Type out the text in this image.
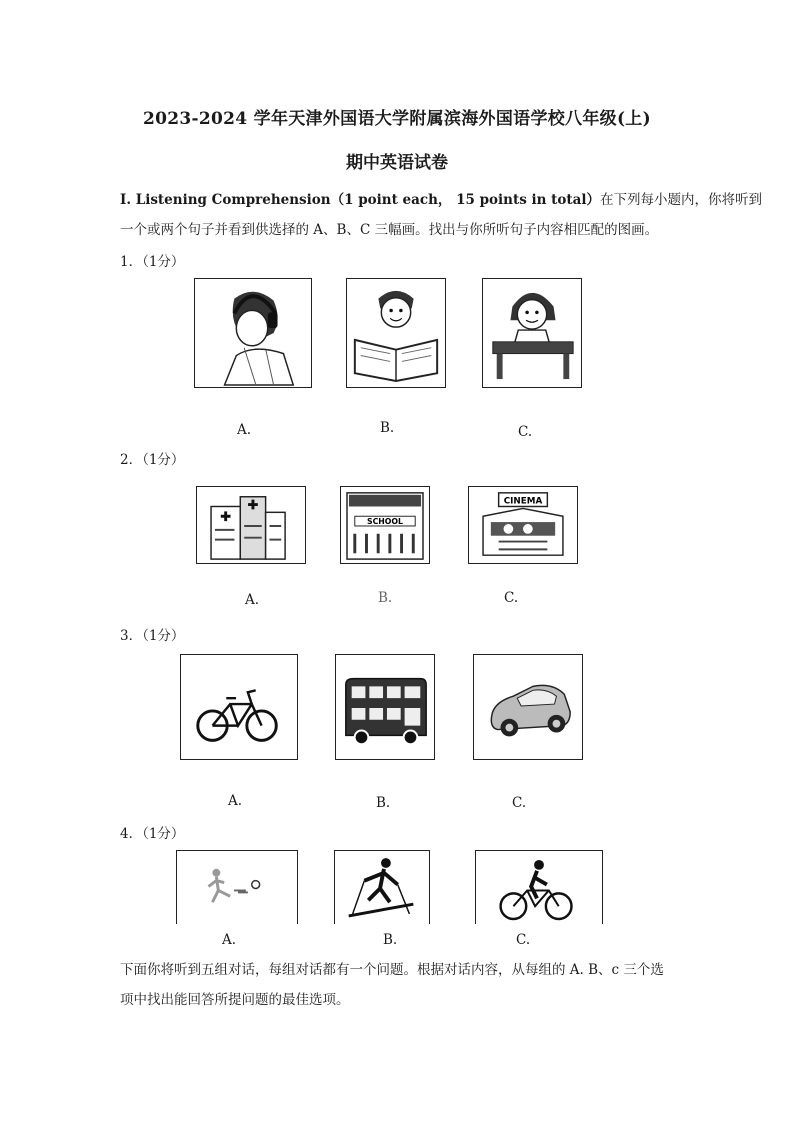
2023-2024 学年天津外国语大学附属滨海外国语学校八年级(上)
期中英语试卷
I. Listening Comprehension（1 point each， 15 points in total）在下列每小题内，你将听到
一个或两个句子并看到供选择的 A、B、C 三幅画。找出与你所听句子内容相匹配的图画。
1．（1分）
A.	B.	C.
2．（1分）
SCHOOL
CINEMA
A.	B.	C.
3．（1分）
A.	B.	C.
4．（1分）
A.	B.	C.
下面你将听到五组对话，每组对话都有一个问题。根据对话内容，从每组的 A. B、c 三个选
项中找出能回答所提问题的最佳选项。
